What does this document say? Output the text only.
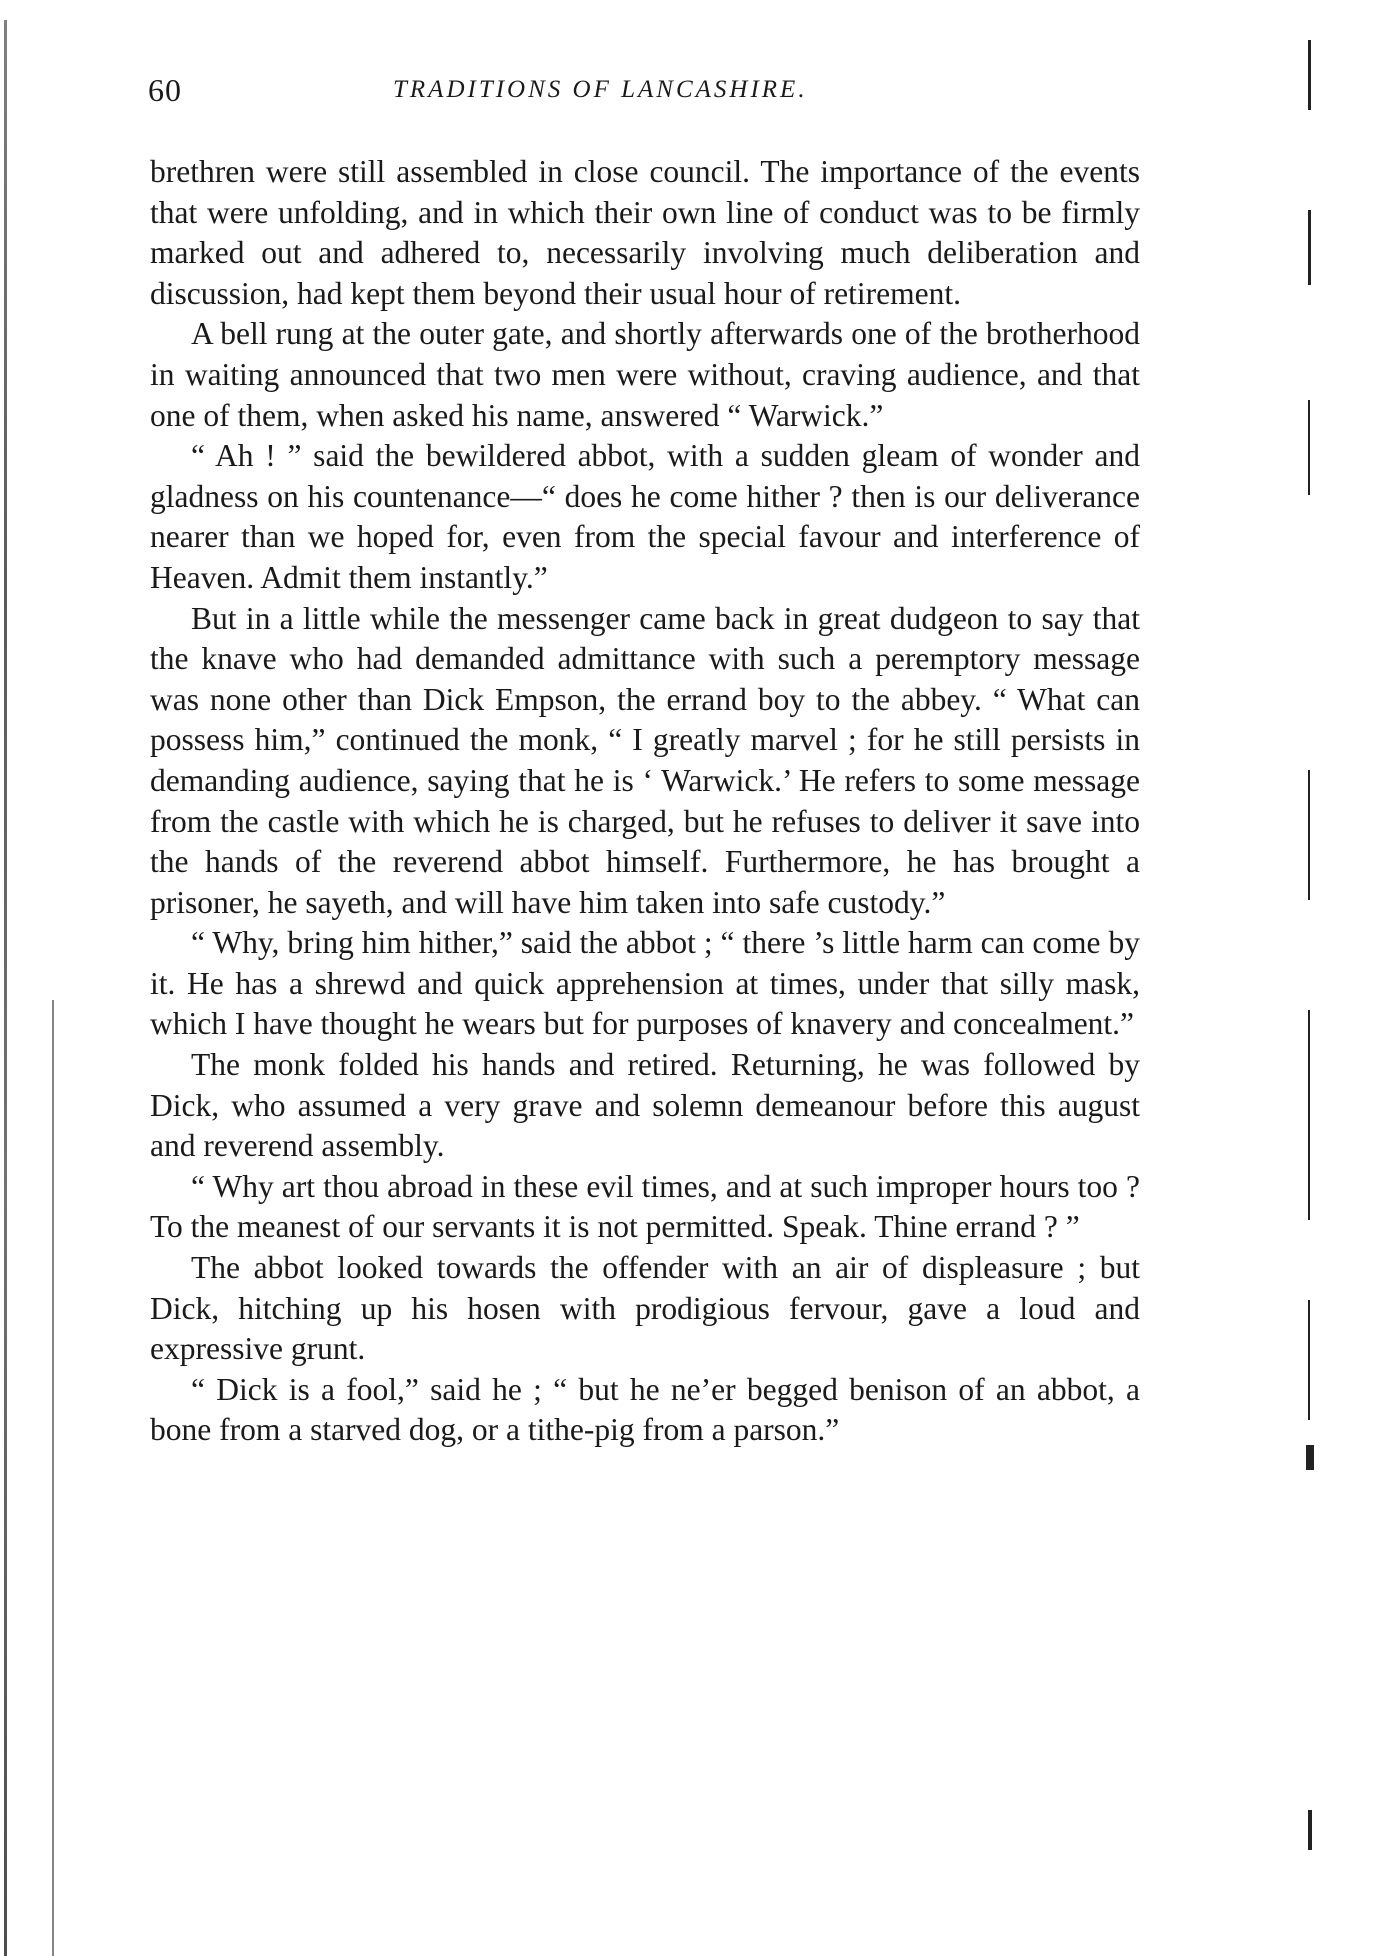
60	TRADITIONS OF LANCASHIRE.

brethren were still assembled in close council. The importance of the events that were unfolding, and in which their own line of conduct was to be firmly marked out and adhered to, necessarily involving much deliberation and discussion, had kept them beyond their usual hour of retirement.

A bell rung at the outer gate, and shortly afterwards one of the brotherhood in waiting announced that two men were without, craving audience, and that one of them, when asked his name, answered “ Warwick.”

“ Ah ! ” said the bewildered abbot, with a sudden gleam of wonder and gladness on his countenance—“ does he come hither ? then is our deliverance nearer than we hoped for, even from the special favour and interference of Heaven. Admit them instantly.”

But in a little while the messenger came back in great dudgeon to say that the knave who had demanded admittance with such a peremptory message was none other than Dick Empson, the errand boy to the abbey. “ What can possess him,” continued the monk, “ I greatly marvel ; for he still persists in demanding audience, saying that he is ‘ Warwick.’ He refers to some message from the castle with which he is charged, but he refuses to deliver it save into the hands of the reverend abbot himself. Furthermore, he has brought a prisoner, he sayeth, and will have him taken into safe custody.”

“ Why, bring him hither,” said the abbot ; “ there ’s little harm can come by it. He has a shrewd and quick apprehension at times, under that silly mask, which I have thought he wears but for purposes of knavery and concealment.”

The monk folded his hands and retired. Returning, he was followed by Dick, who assumed a very grave and solemn demeanour before this august and reverend assembly.

“ Why art thou abroad in these evil times, and at such improper hours too ? To the meanest of our servants it is not permitted. Speak. Thine errand ? ”

The abbot looked towards the offender with an air of displeasure ; but Dick, hitching up his hosen with prodigious fervour, gave a loud and expressive grunt.

“ Dick is a fool,” said he ; “ but he ne’er begged benison of an abbot, a bone from a starved dog, or a tithe-pig from a parson.”
